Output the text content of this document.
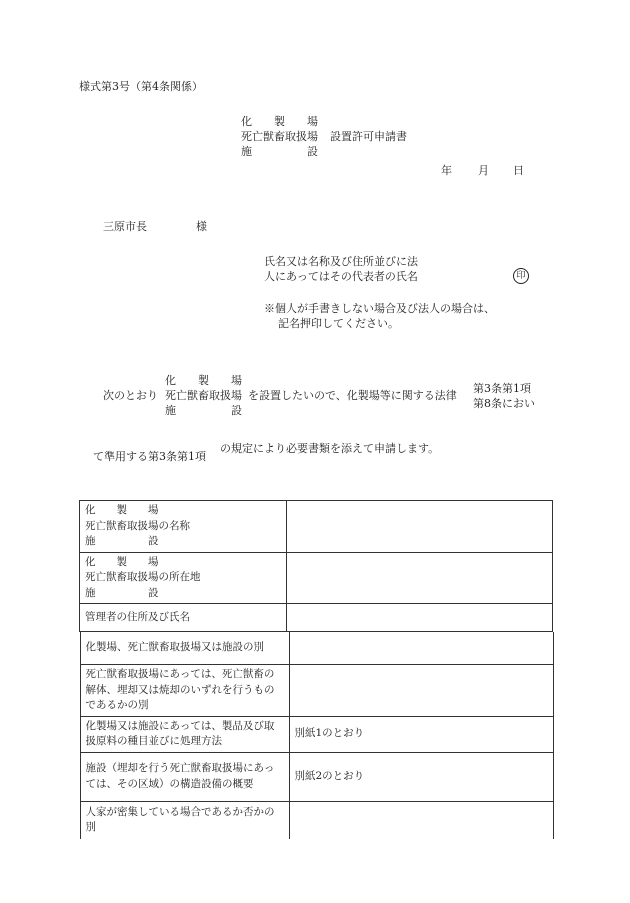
様式第3号（第4条関係）
化　　製　　場
死亡獣畜取扱場
施　　　　　設
設置許可申請書
年 月 日
三原市長	様
氏名又は名称及び住所並びに法
人にあってはその代表者の氏名	印
※個人が手書きしない場合及び法人の場合は、
記名押印してください。
次のとおり
化　　製　　場
死亡獣畜取扱場
施　　　　　設
を設置したいので、化製場等に関する法律
第3条第1項
第8条におい
て準用する第3条第1項
の規定により必要書類を添えて申請します。
化　　製　　場
死亡獣畜取扱場の名称
施　　　　　設

化　　製　　場
死亡獣畜取扱場の所在地
施　　　　　設

管理者の住所及び氏名	

化製場、死亡獣畜取扱場又は施設の別	
死亡獣畜取扱場にあっては、死亡獣畜の解体、埋却又は焼却のいずれを行うものであるかの別	
化製場又は施設にあっては、製品及び取扱原料の種目並びに処理方法	別紙1のとおり
施設（埋却を行う死亡獣畜取扱場にあっては、その区域）の構造設備の概要	別紙2のとおり
人家が密集している場合であるか否かの別	
